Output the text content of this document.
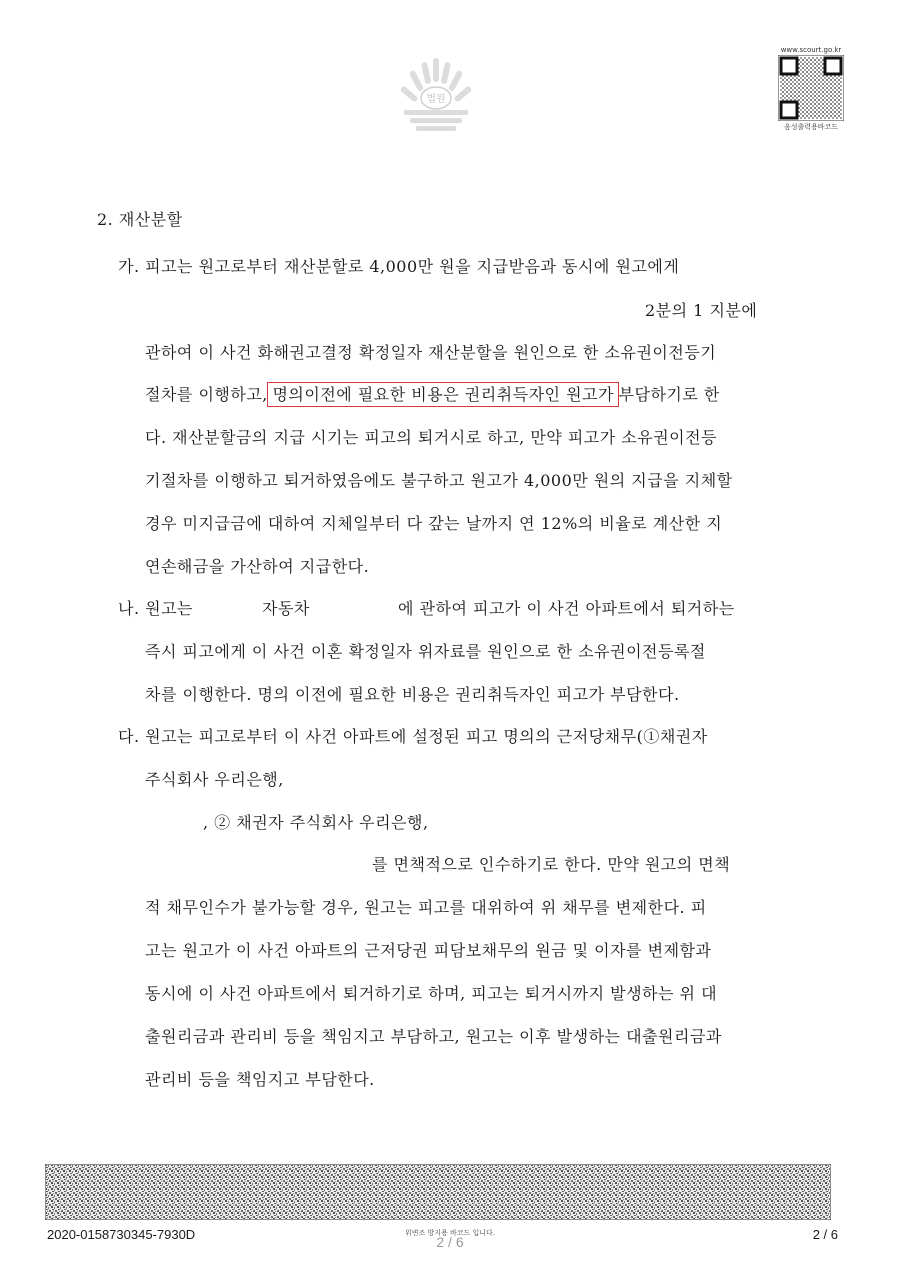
법원
www.scourt.go.kr
음성출력용바코드
2. 재산분할
가. 피고는 원고로부터 재산분할로 4,000만 원을 지급받음과 동시에 원고에게
2분의 1 지분에
관하여 이 사건 화해권고결정 확정일자 재산분할을 원인으로 한 소유권이전등기
절차를 이행하고, 명의이전에 필요한 비용은 권리취득자인 원고가 부담하기로 한
다. 재산분할금의 지급 시기는 피고의 퇴거시로 하고, 만약 피고가 소유권이전등
기절차를 이행하고 퇴거하였음에도 불구하고 원고가 4,000만 원의 지급을 지체할
경우 미지급금에 대하여 지체일부터 다 갚는 날까지 연 12%의 비율로 계산한 지
연손해금을 가산하여 지급한다.
나. 원고는	자동차	에 관하여 피고가 이 사건 아파트에서 퇴거하는
즉시 피고에게 이 사건 이혼 확정일자 위자료를 원인으로 한 소유권이전등록절
차를 이행한다. 명의 이전에 필요한 비용은 권리취득자인 피고가 부담한다.
다. 원고는 피고로부터 이 사건 아파트에 설정된 피고 명의의 근저당채무(①채권자
주식회사 우리은행,
, ② 채권자 주식회사 우리은행,
를 면책적으로 인수하기로 한다. 만약 원고의 면책
적 채무인수가 불가능할 경우, 원고는 피고를 대위하여 위 채무를 변제한다. 피
고는 원고가 이 사건 아파트의 근저당권 피담보채무의 원금 및 이자를 변제함과
동시에 이 사건 아파트에서 퇴거하기로 하며, 피고는 퇴거시까지 발생하는 위 대
출원리금과 관리비 등을 책임지고 부담하고, 원고는 이후 발생하는 대출원리금과
관리비 등을 책임지고 부담한다.
2020-0158730345-7930D	위변조 방지용 바코드 입니다.
2 / 6	2 / 6
